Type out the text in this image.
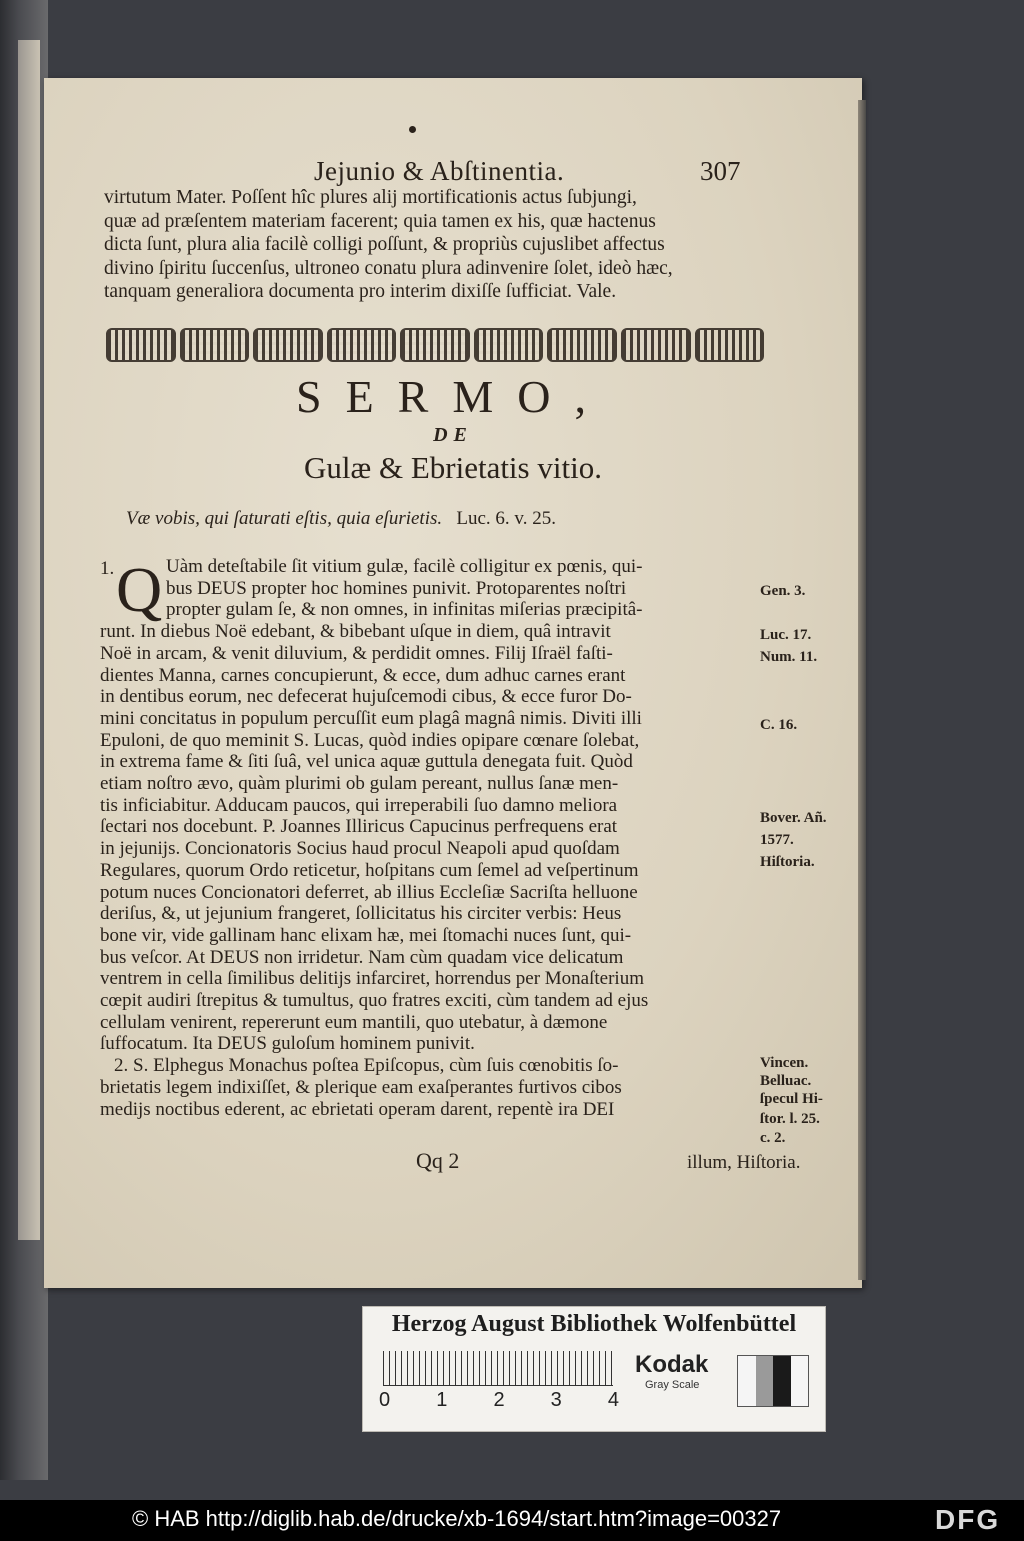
Jejunio & Abſtinentia.	307
virtutum Mater. Poſſent hîc plures alij mortificationis actus ſubjungi,
quæ ad præſentem materiam facerent; quia tamen ex his, quæ hactenus
dicta ſunt, plura alia facilè colligi poſſunt, & propriùs cujuslibet affectus
divino ſpiritu ſuccenſus, ultroneo conatu plura adinvenire ſolet, ideò hæc,
tanquam generaliora documenta pro interim dixiſſe ſufficiat. Vale.
SERMO,
DE
Gulæ & Ebrietatis vitio.
Væ vobis, qui ſaturati eſtis, quia eſurietis. Luc. 6. v. 25.
1. Q Uàm deteſtabile ſit vitium gulæ, facilè colligitur ex pœnis, qui-
bus DEUS propter hoc homines punivit. Protoparentes noſtri
propter gulam ſe, & non omnes, in infinitas miſerias præcipitâ-
runt. In diebus Noë edebant, & bibebant uſque in diem, quâ intravit
Noë in arcam, & venit diluvium, & perdidit omnes. Filij Iſraël faſti-
dientes Manna, carnes concupierunt, & ecce, dum adhuc carnes erant
in dentibus eorum, nec defecerat hujuſcemodi cibus, & ecce furor Do-
mini concitatus in populum percuſſit eum plagâ magnâ nimis. Diviti illi
Epuloni, de quo meminit S. Lucas, quòd indies opipare cœnare ſolebat,
in extrema fame & ſiti ſuâ, vel unica aquæ guttula denegata fuit. Quòd
etiam noſtro ævo, quàm plurimi ob gulam pereant, nullus ſanæ men-
tis inficiabitur. Adducam paucos, qui irreperabili ſuo damno meliora
ſectari nos docebunt. P. Joannes Illiricus Capucinus perfrequens erat
in jejunijs. Concionatoris Socius haud procul Neapoli apud quoſdam
Regulares, quorum Ordo reticetur, hoſpitans cum ſemel ad veſpertinum
potum nuces Concionatori deferret, ab illius Eccleſiæ Sacriſta helluone
deriſus, &, ut jejunium frangeret, ſollicitatus his circiter verbis: Heus
bone vir, vide gallinam hanc elixam hæ, mei ſtomachi nuces ſunt, qui-
bus veſcor. At DEUS non irridetur. Nam cùm quadam vice delicatum
ventrem in cella ſimilibus delitijs infarciret, horrendus per Monaſterium
cœpit audiri ſtrepitus & tumultus, quo fratres exciti, cùm tandem ad ejus
cellulam venirent, repererunt eum mantili, quo utebatur, à dæmone
ſuffocatum. Ita DEUS guloſum hominem punivit.
2. S. Elphegus Monachus poſtea Epiſcopus, cùm ſuis cœnobitis ſo-
brietatis legem indixiſſet, & plerique eam exaſperantes furtivos cibos
medijs noctibus ederent, ac ebrietati operam darent, repentè ira DEI
Gen. 3.
Luc. 17.
Num. 11.
C. 16.
Bover. Añ.
1577.
Hiſtoria.
Vincen.
Belluac.
ſpecul Hi-
ſtor. l. 25.
c. 2.
Qq 2	illum, Hiſtoria.
Herzog August Bibliothek Wolfenbüttel
0 1 2 3 4
Kodak
Gray Scale
© HAB http://diglib.hab.de/drucke/xb-1694/start.htm?image=00327	DFG
